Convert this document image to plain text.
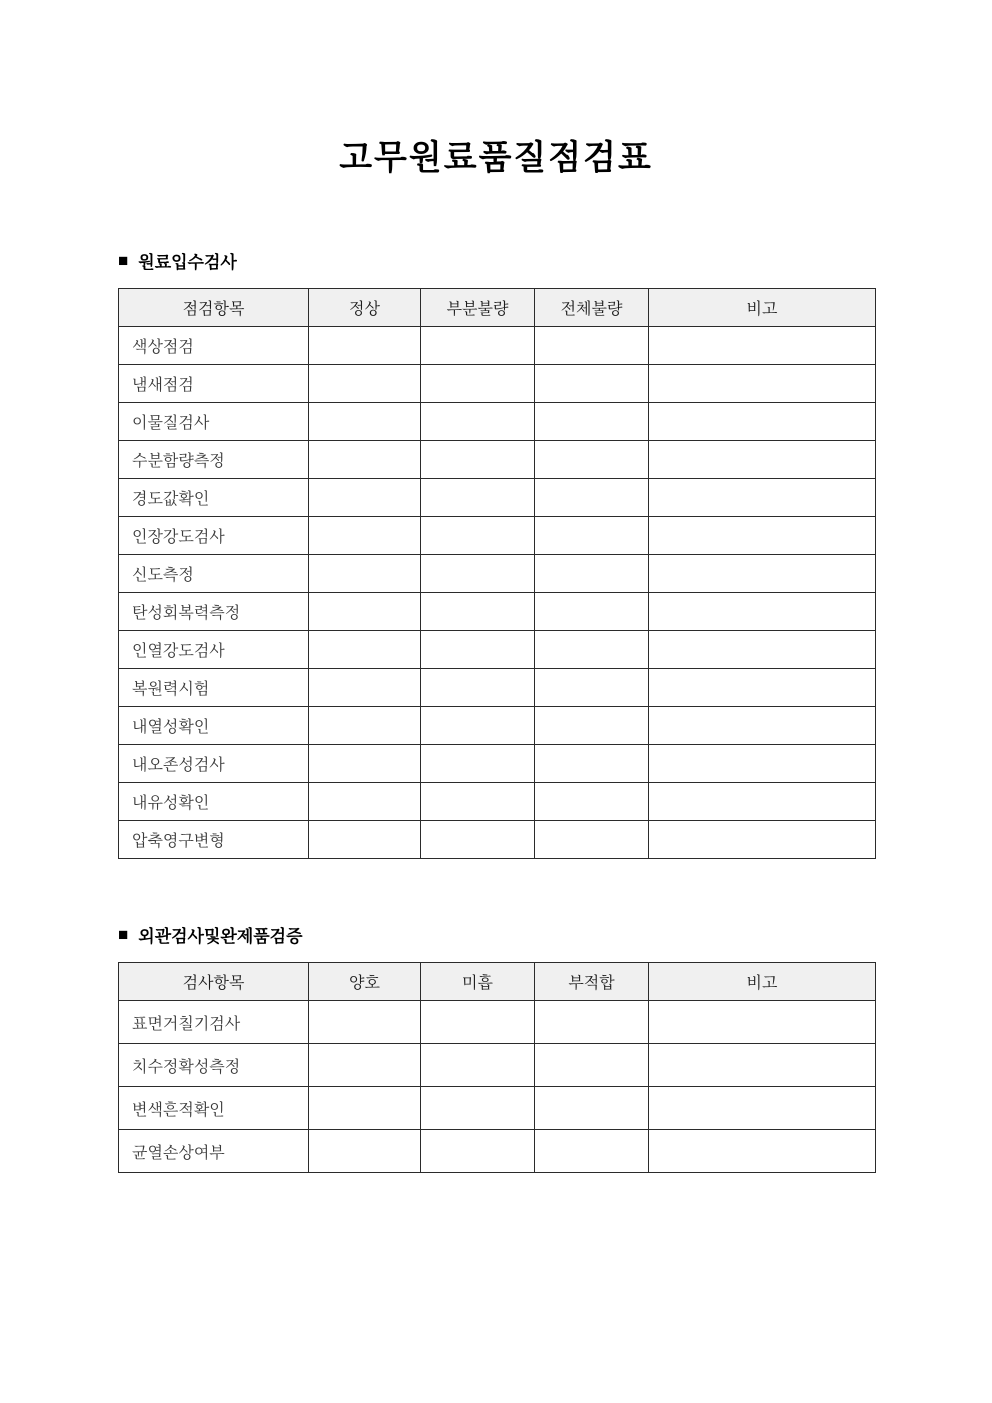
고무원료품질점검표
■ 원료입수검사
점검항목	정상	부분불량	전체불량	비고
색상점검				
냄새점검				
이물질검사				
수분함량측정				
경도값확인				
인장강도검사				
신도측정				
탄성회복력측정				
인열강도검사				
복원력시험				
내열성확인				
내오존성검사				
내유성확인				
압축영구변형				
■ 외관검사및완제품검증
검사항목	양호	미흡	부적합	비고
표면거칠기검사				
치수정확성측정				
변색흔적확인				
균열손상여부				
